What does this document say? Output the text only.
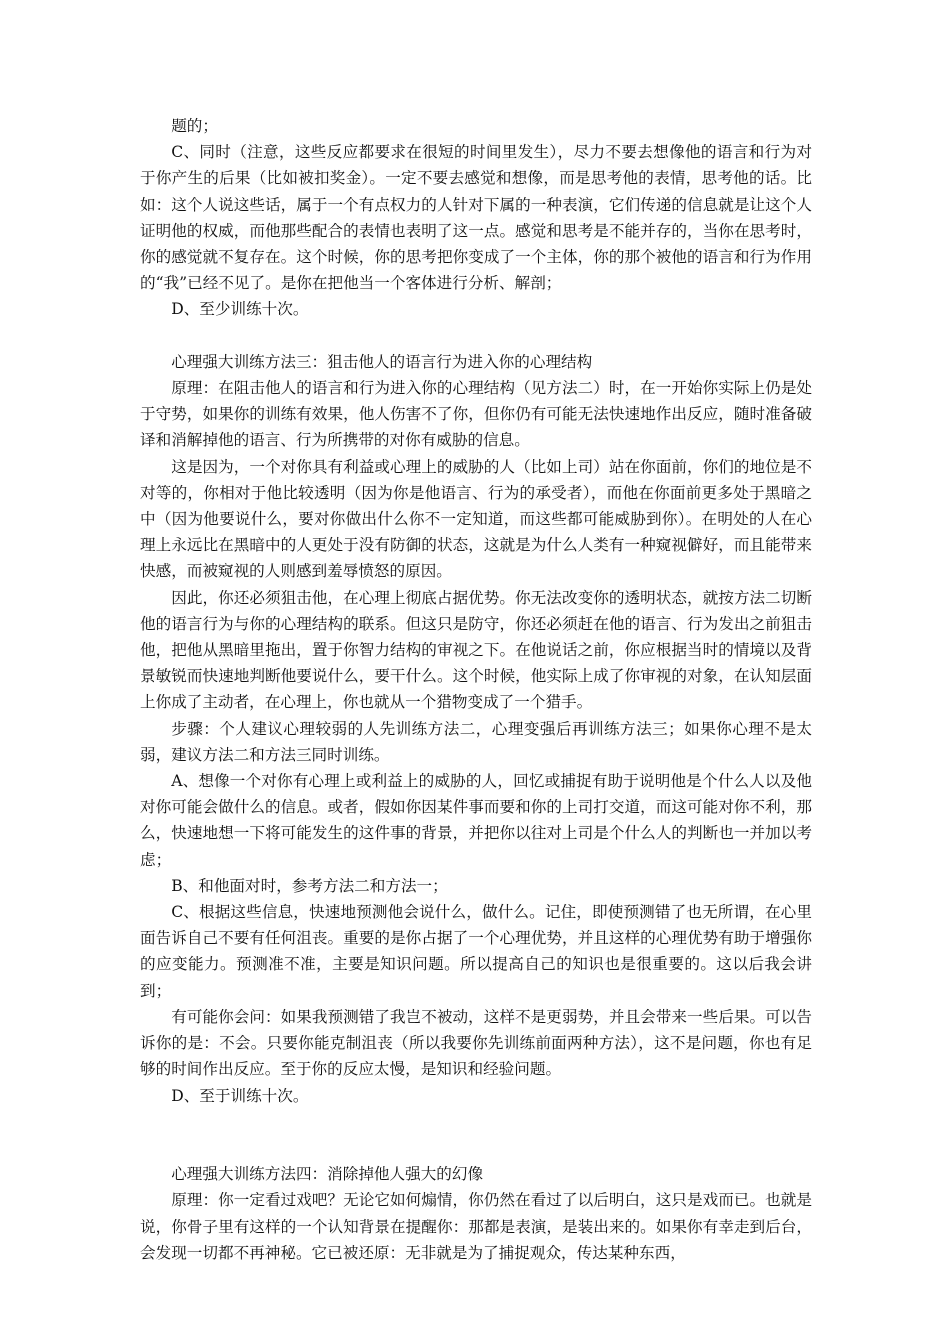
题的；

C、同时（注意，这些反应都要求在很短的时间里发生），尽力不要去想像他的语言和行为对于你产生的后果（比如被扣奖金）。一定不要去感觉和想像，而是思考他的表情，思考他的话。比如：这个人说这些话，属于一个有点权力的人针对下属的一种表演，它们传递的信息就是让这个人证明他的权威，而他那些配合的表情也表明了这一点。感觉和思考是不能并存的，当你在思考时，你的感觉就不复存在。这个时候，你的思考把你变成了一个主体，你的那个被他的语言和行为作用的“我”已经不见了。是你在把他当一个客体进行分析、解剖；

D、至少训练十次。

心理强大训练方法三：狙击他人的语言行为进入你的心理结构

原理：在阻击他人的语言和行为进入你的心理结构（见方法二）时，在一开始你实际上仍是处于守势，如果你的训练有效果，他人伤害不了你，但你仍有可能无法快速地作出反应，随时准备破译和消解掉他的语言、行为所携带的对你有威胁的信息。

这是因为，一个对你具有利益或心理上的威胁的人（比如上司）站在你面前，你们的地位是不对等的，你相对于他比较透明（因为你是他语言、行为的承受者），而他在你面前更多处于黑暗之中（因为他要说什么，要对你做出什么你不一定知道，而这些都可能威胁到你）。在明处的人在心理上永远比在黑暗中的人更处于没有防御的状态，这就是为什么人类有一种窥视僻好，而且能带来快感，而被窥视的人则感到羞辱愤怒的原因。

因此，你还必须狙击他，在心理上彻底占据优势。你无法改变你的透明状态，就按方法二切断他的语言行为与你的心理结构的联系。但这只是防守，你还必须赶在他的语言、行为发出之前狙击他，把他从黑暗里拖出，置于你智力结构的审视之下。在他说话之前，你应根据当时的情境以及背景敏锐而快速地判断他要说什么，要干什么。这个时候，他实际上成了你审视的对象，在认知层面上你成了主动者，在心理上，你也就从一个猎物变成了一个猎手。

步骤：个人建议心理较弱的人先训练方法二，心理变强后再训练方法三；如果你心理不是太弱，建议方法二和方法三同时训练。

A、想像一个对你有心理上或利益上的威胁的人，回忆或捕捉有助于说明他是个什么人以及他对你可能会做什么的信息。或者，假如你因某件事而要和你的上司打交道，而这可能对你不利，那么，快速地想一下将可能发生的这件事的背景，并把你以往对上司是个什么人的判断也一并加以考虑；

B、和他面对时，参考方法二和方法一；

C、根据这些信息，快速地预测他会说什么，做什么。记住，即使预测错了也无所谓，在心里面告诉自己不要有任何沮丧。重要的是你占据了一个心理优势，并且这样的心理优势有助于增强你的应变能力。预测准不准，主要是知识问题。所以提高自己的知识也是很重要的。这以后我会讲到；

有可能你会问：如果我预测错了我岂不被动，这样不是更弱势，并且会带来一些后果。可以告诉你的是：不会。只要你能克制沮丧（所以我要你先训练前面两种方法），这不是问题，你也有足够的时间作出反应。至于你的反应太慢，是知识和经验问题。

D、至于训练十次。

心理强大训练方法四：消除掉他人强大的幻像

原理：你一定看过戏吧？无论它如何煽情，你仍然在看过了以后明白，这只是戏而已。也就是说，你骨子里有这样的一个认知背景在提醒你：那都是表演，是装出来的。如果你有幸走到后台，会发现一切都不再神秘。它已被还原：无非就是为了捕捉观众，传达某种东西，
